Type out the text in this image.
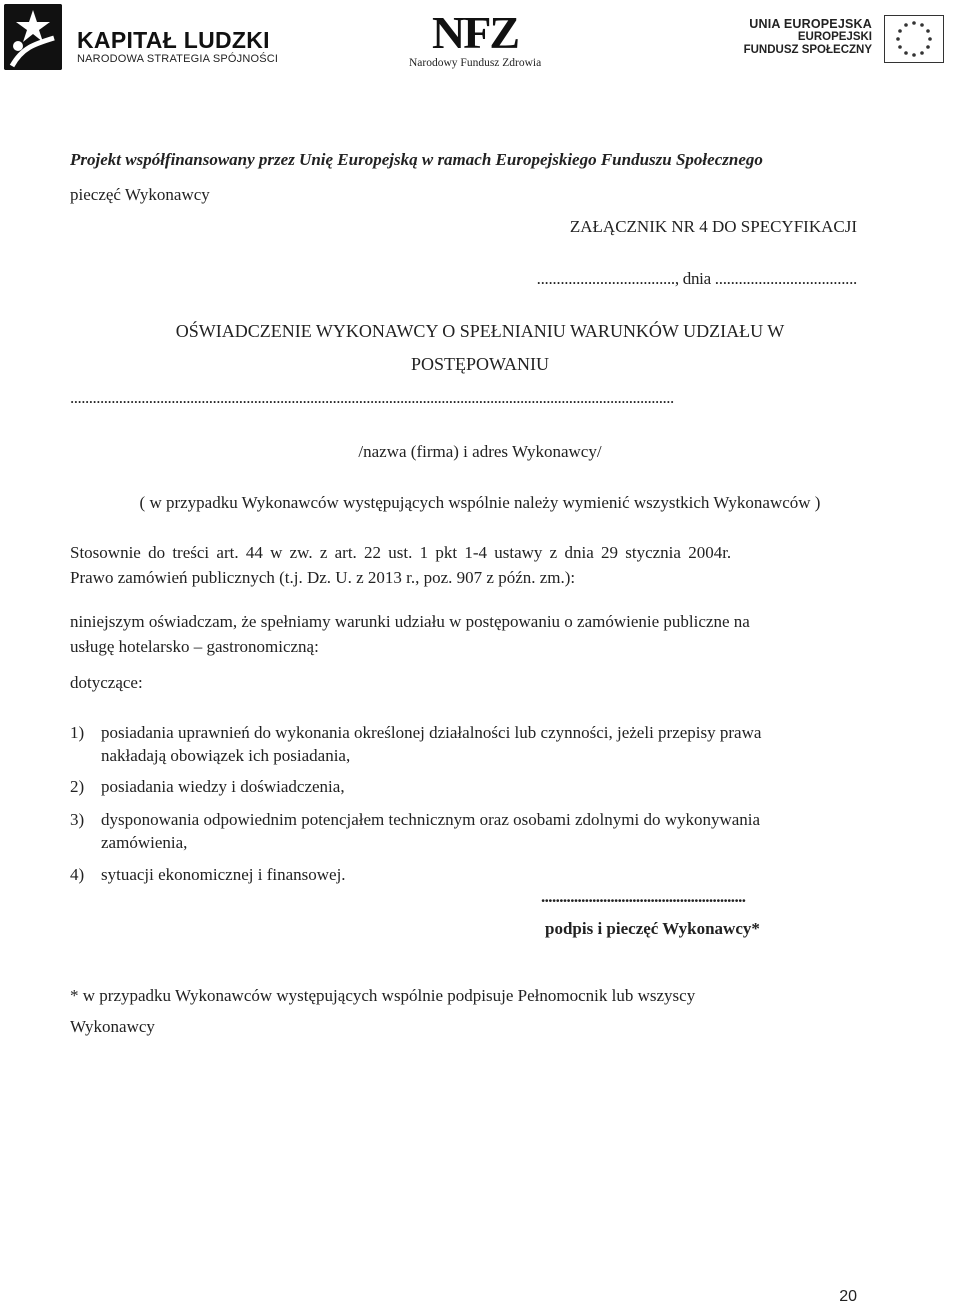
KAPITAŁ LUDZKI
NARODOWA STRATEGIA SPÓJNOŚCI
NFZ
Narodowy Fundusz Zdrowia
UNIA EUROPEJSKA
EUROPEJSKI
FUNDUSZ SPOŁECZNY
Projekt współfinansowany przez Unię Europejską w ramach Europejskiego Funduszu Społecznego
pieczęć Wykonawcy
ZAŁĄCZNIK NR 4 DO SPECYFIKACJI
..................................., dnia ....................................
OŚWIADCZENIE WYKONAWCY O SPEŁNIANIU WARUNKÓW UDZIAŁU W
POSTĘPOWANIU
.................................................................................................................................................................
/nazwa (firma) i adres Wykonawcy/
( w przypadku Wykonawców występujących wspólnie należy wymienić wszystkich Wykonawców )
Stosownie do treści art. 44 w zw. z art. 22 ust. 1 pkt 1-4 ustawy z dnia 29 stycznia 2004r.
Prawo zamówień publicznych (t.j. Dz. U. z 2013 r., poz. 907 z późn. zm.):
niniejszym oświadczam, że spełniamy warunki udziału w postępowaniu o zamówienie publiczne na
usługę hotelarsko – gastronomiczną:
dotyczące:
1) posiadania uprawnień do wykonania określonej działalności lub czynności, jeżeli przepisy prawa
nakładają obowiązek ich posiadania,
2) posiadania wiedzy i doświadczenia,
3) dysponowania odpowiednim potencjałem technicznym oraz osobami zdolnymi do wykonywania
zamówienia,
4) sytuacji ekonomicznej i finansowej.
........................................................
podpis i pieczęć Wykonawcy*
* w przypadku Wykonawców występujących wspólnie podpisuje Pełnomocnik lub wszyscy
Wykonawcy
20
